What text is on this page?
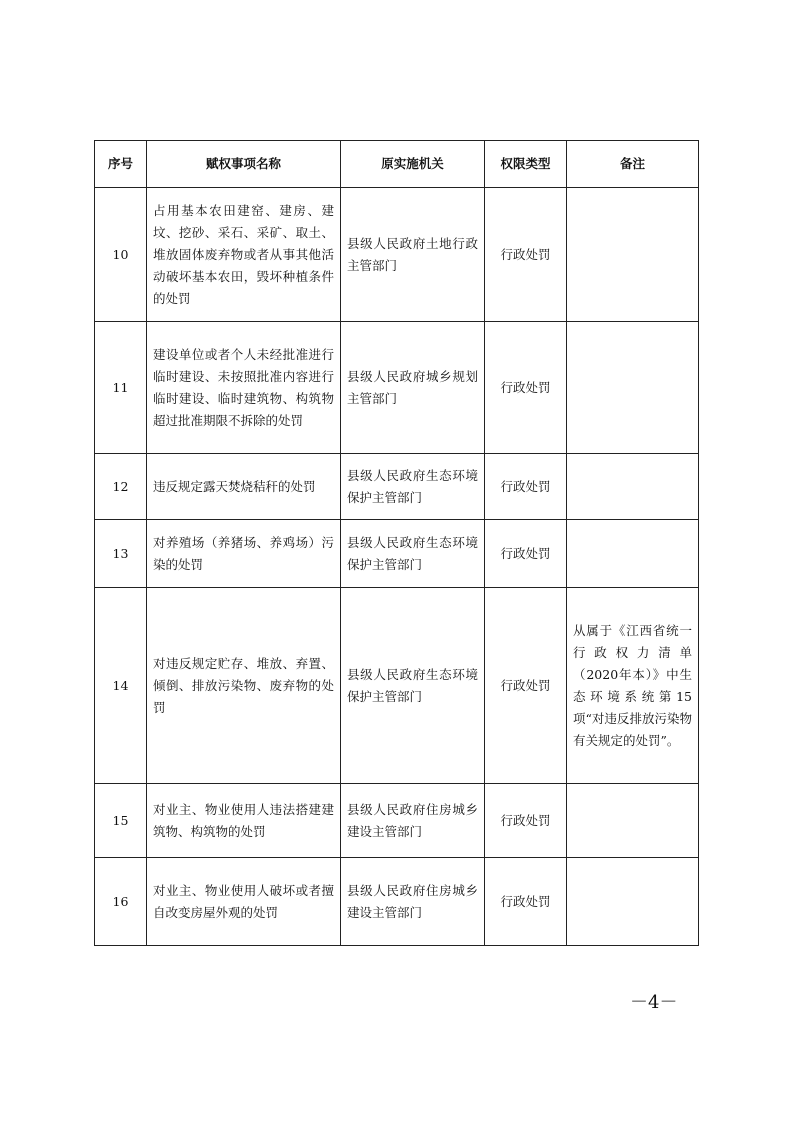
序号	赋权事项名称	原实施机关	权限类型	备注
10	占用基本农田建窑、建房、建坟、挖砂、采石、采矿、取土、堆放固体废弃物或者从事其他活动破坏基本农田，毁坏种植条件的处罚	县级人民政府土地行政主管部门	行政处罚	
11	建设单位或者个人未经批准进行临时建设、未按照批准内容进行临时建设、临时建筑物、构筑物超过批准期限不拆除的处罚	县级人民政府城乡规划主管部门	行政处罚	
12	违反规定露天焚烧秸秆的处罚	县级人民政府生态环境保护主管部门	行政处罚	
13	对养殖场（养猪场、养鸡场）污染的处罚	县级人民政府生态环境保护主管部门	行政处罚	
14	对违反规定贮存、堆放、弃置、倾倒、排放污染物、废弃物的处罚	县级人民政府生态环境保护主管部门	行政处罚	从属于《江西省统一行政权力清单（2020年本）》中生态环境系统第15项“对违反排放污染物有关规定的处罚”。
15	对业主、物业使用人违法搭建建筑物、构筑物的处罚	县级人民政府住房城乡建设主管部门	行政处罚	
16	对业主、物业使用人破坏或者擅自改变房屋外观的处罚	县级人民政府住房城乡建设主管部门	行政处罚	
－4－
